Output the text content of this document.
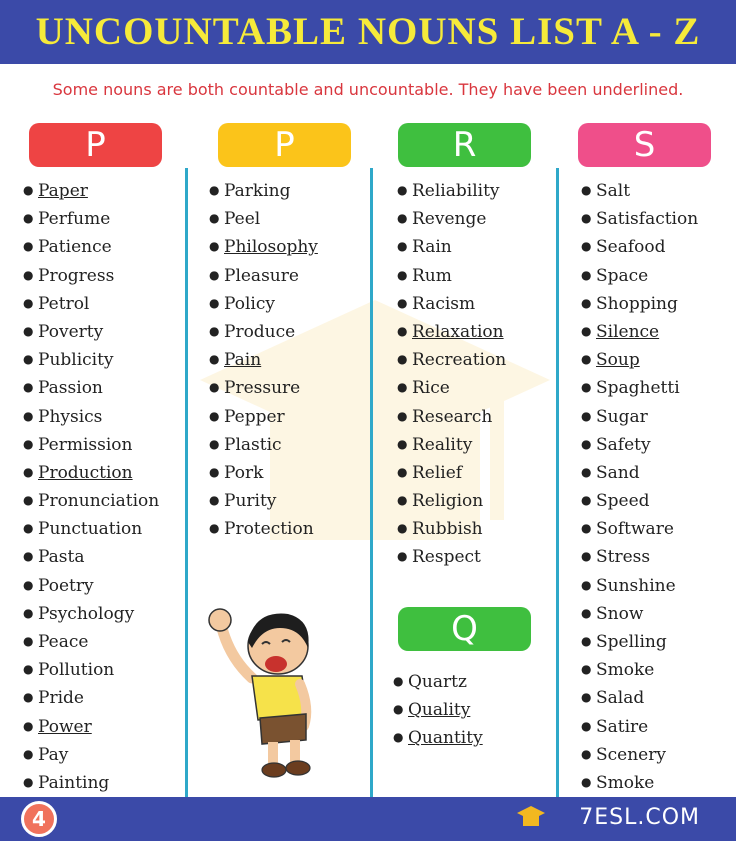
UNCOUNTABLE NOUNS LIST A - Z
Some nouns are both countable and uncountable. They have been underlined.
P	P	R
Q
S
● Paper
● Perfume
● Patience
● Progress
● Petrol
● Poverty
● Publicity
● Passion
● Physics
● Permission
● Production
● Pronunciation
● Punctuation
● Pasta
● Poetry
● Psychology
● Peace
● Pollution
● Pride
● Power
● Pay
● Painting
● Parking
● Peel
● Philosophy
● Pleasure
● Policy
● Produce
● Pain
● Pressure
● Pepper
● Plastic
● Pork
● Purity
● Protection
● Reliability
● Revenge
● Rain
● Rum
● Racism
● Relaxation
● Recreation
● Rice
● Research
● Reality
● Relief
● Religion
● Rubbish
● Respect
● Quartz
● Quality
● Quantity
● Salt
● Satisfaction
● Seafood
● Space
● Shopping
● Silence
● Soup
● Spaghetti
● Sugar
● Safety
● Sand
● Speed
● Software
● Stress
● Sunshine
● Snow
● Spelling
● Smoke
● Salad
● Satire
● Scenery
● Smoke
4	7ESL.COM
